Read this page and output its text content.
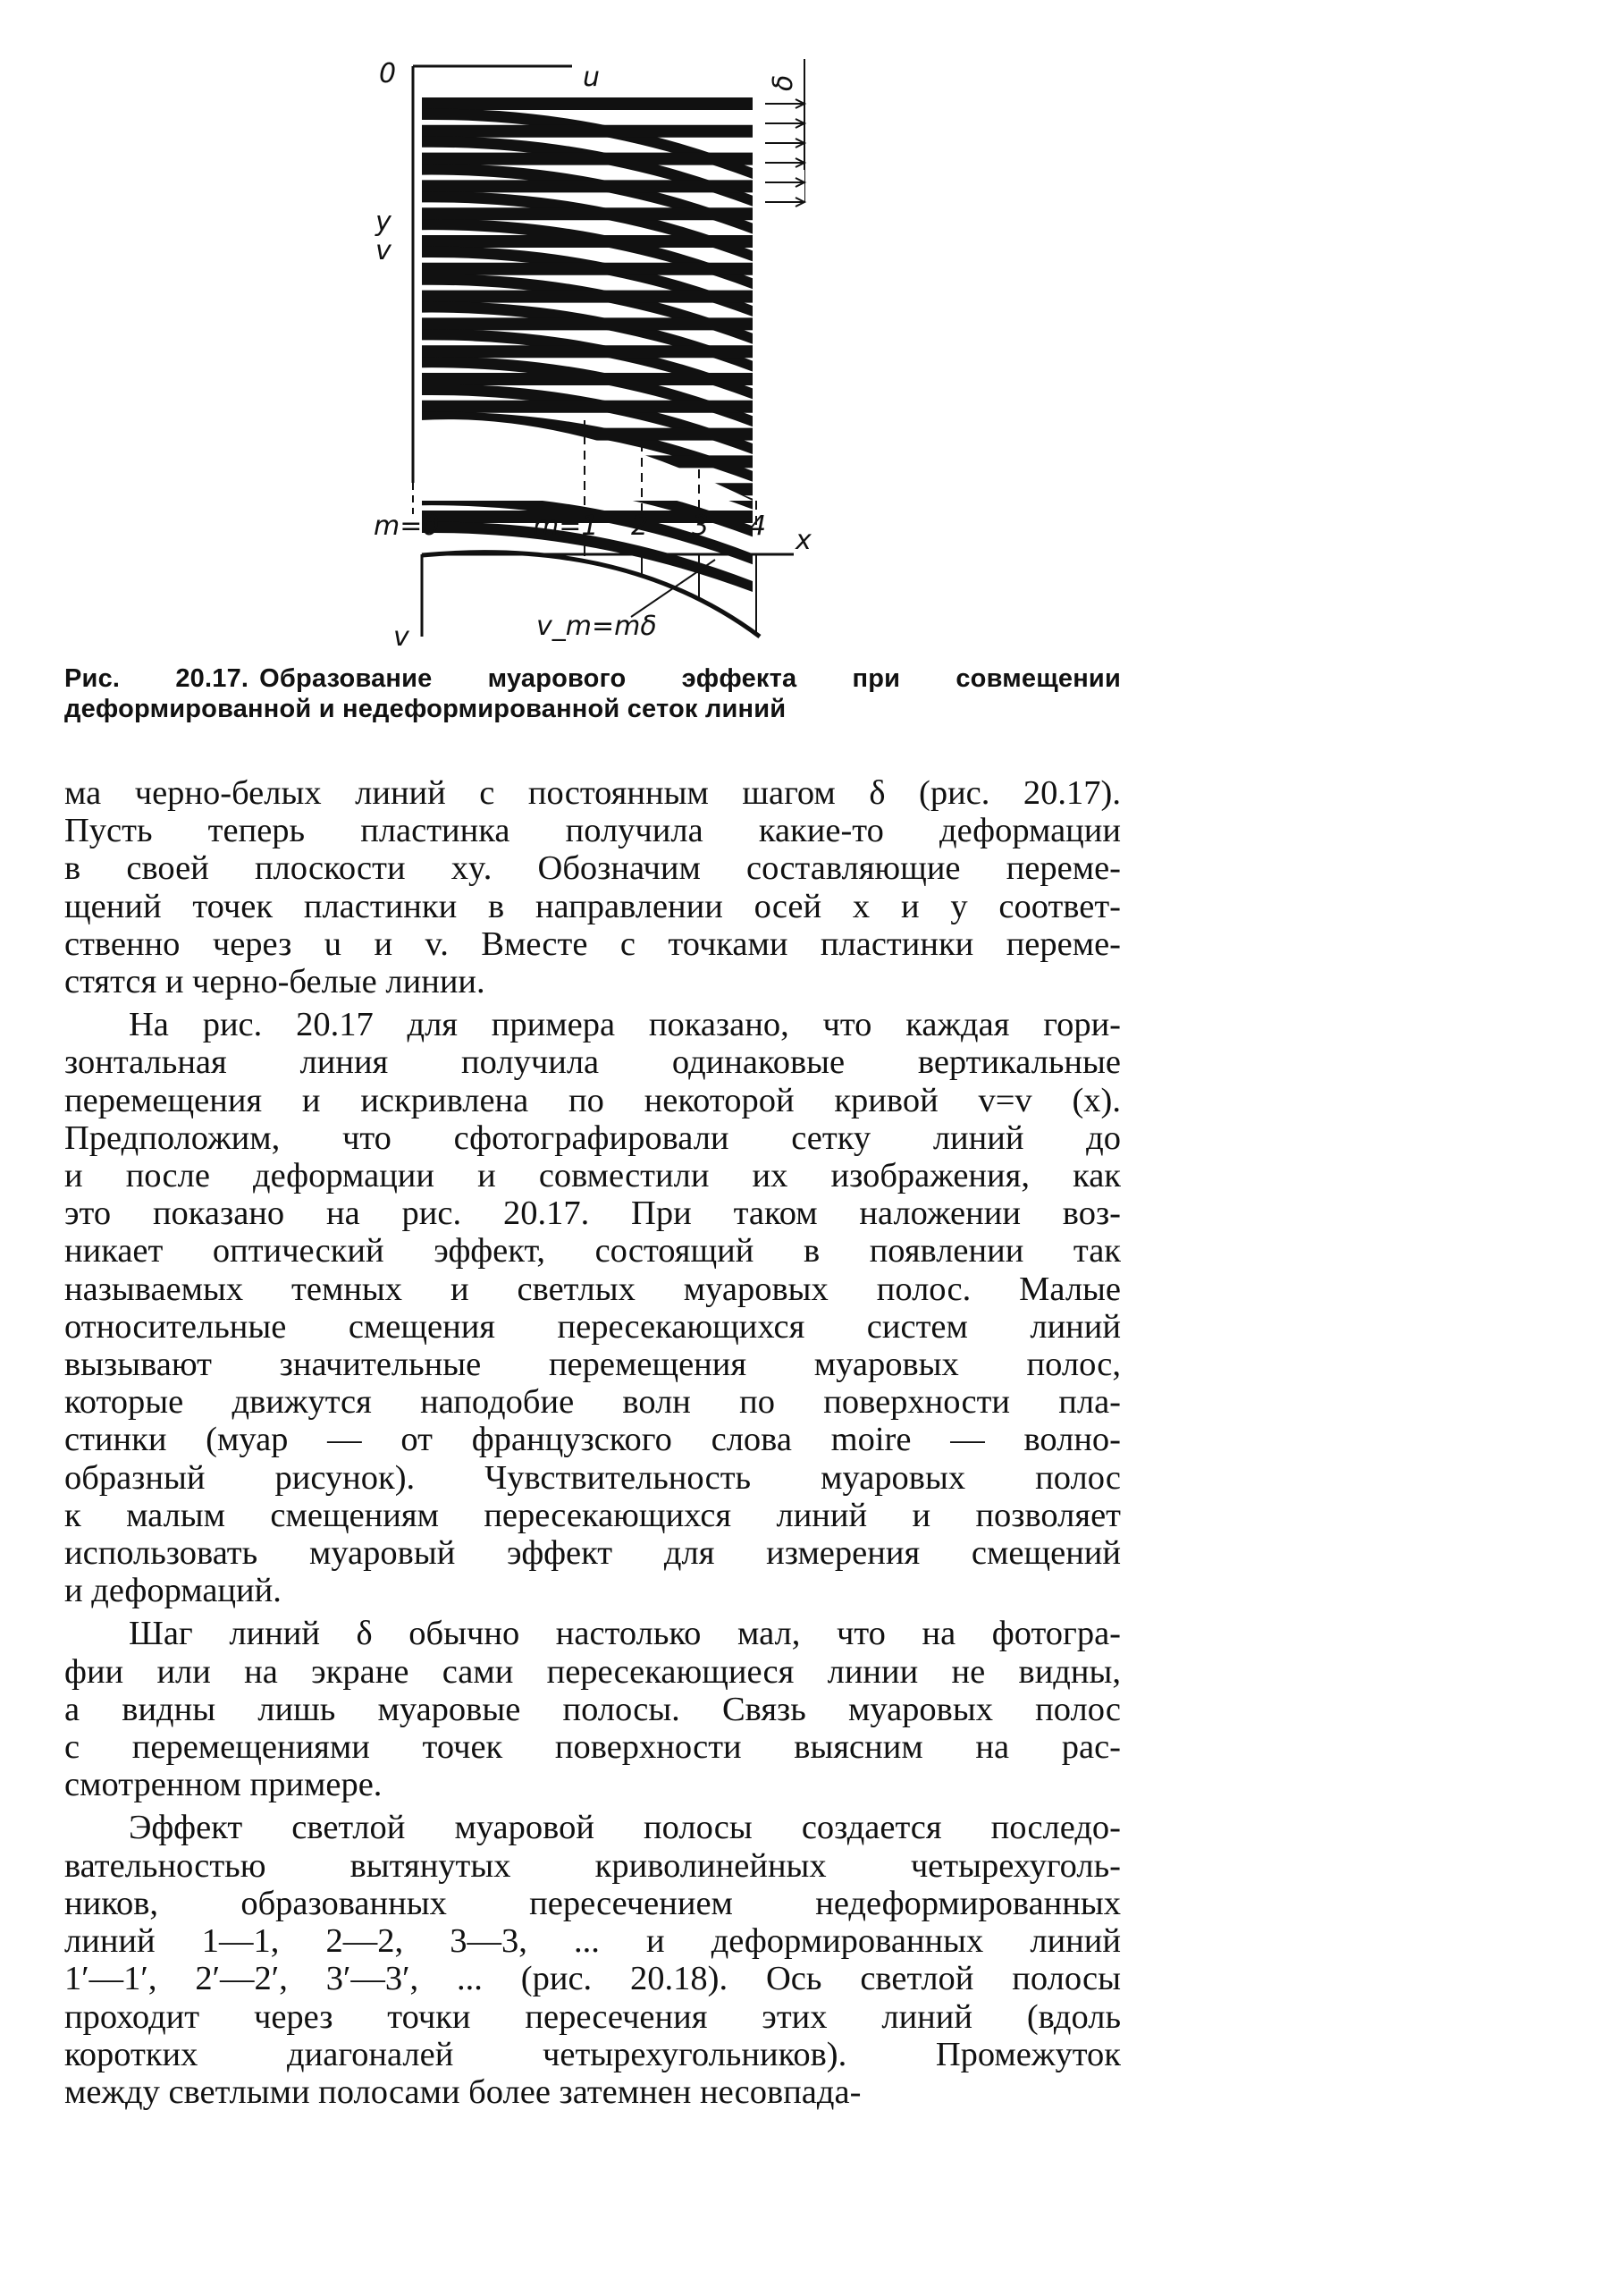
0	u	δ
y
v
m=0	m=1 2 3 4 x
v	v_m=mδ
Рис. 20.17. Образование муарового эффекта при совмещении деформированной и недеформированной сеток линий
ма черно-белых линий с постоянным шагом δ (рис. 20.17).
Пусть теперь пластинка получила какие-то деформации
в своей плоскости xy. Обозначим составляющие переме-
щений точек пластинки в направлении осей x и y соответ-
ственно через u и v. Вместе с точками пластинки переме-
стятся и черно-белые линии.
На рис. 20.17 для примера показано, что каждая гори-
зонтальная линия получила одинаковые вертикальные
перемещения и искривлена по некоторой кривой v=v (x).
Предположим, что сфотографировали сетку линий до
и после деформации и совместили их изображения, как
это показано на рис. 20.17. При таком наложении воз-
никает оптический эффект, состоящий в появлении так
называемых темных и светлых муаровых полос. Малые
относительные смещения пересекающихся систем линий
вызывают значительные перемещения муаровых полос,
которые движутся наподобие волн по поверхности пла-
стинки (муар — от французского слова moire — волно-
образный рисунок). Чувствительность муаровых полос
к малым смещениям пересекающихся линий и позволяет
использовать муаровый эффект для измерения смещений
и деформаций.
Шаг линий δ обычно настолько мал, что на фотогра-
фии или на экране сами пересекающиеся линии не видны,
а видны лишь муаровые полосы. Связь муаровых полос
с перемещениями точек поверхности выясним на рас-
смотренном примере.
Эффект светлой муаровой полосы создается последо-
вательностью вытянутых криволинейных четырехуголь-
ников, образованных пересечением недеформированных
линий 1—1, 2—2, 3—3, ... и деформированных линий
1′—1′, 2′—2′, 3′—3′, ... (рис. 20.18). Ось светлой полосы
проходит через точки пересечения этих линий (вдоль
коротких диагоналей четырехугольников). Промежуток
между светлыми полосами более затемнен несовпада-
